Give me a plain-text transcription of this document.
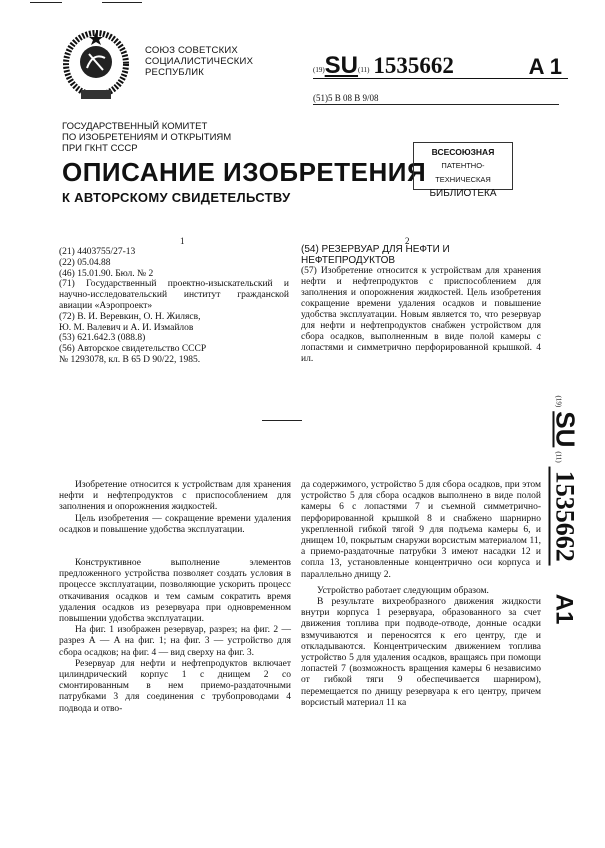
СОЮЗ СОВЕТСКИХ
СОЦИАЛИСТИЧЕСКИХ
РЕСПУБЛИК	(19)SU(11) 1535662	A 1
(51)5 B 08 B 9/08
ГОСУДАРСТВЕННЫЙ КОМИТЕТ
ПО ИЗОБРЕТЕНИЯМ И ОТКРЫТИЯМ
ПРИ ГКНТ СССР
ОПИСАНИЕ ИЗОБРЕТЕНИЯ
К АВТОРСКОМУ СВИДЕТЕЛЬСТВУ
ВСЕСОЮЗНАЯ
ПАТЕНТНО-ТЕХНИЧЕСКАЯ
БИБЛИОТЕКА
1	2
(21) 4403755/27-13
(22) 05.04.88
(46) 15.01.90. Бюл. № 2
(71) Государственный проектно-изыскательский и научно-исследовательский институт гражданской авиации «Аэропроект»
(72) В. И. Веревкин, О. Н. Жилясв,
Ю. М. Валевич и А. И. Измайлов
(53) 621.642.3 (088.8)
(56) Авторское свидетельство СССР
№ 1293078, кл. B 65 D 90/22, 1985.
(54) РЕЗЕРВУАР ДЛЯ НЕФТИ И НЕФТЕПРОДУКТОВ
(57) Изобретение относится к устройствам для хранения нефти и нефтепродуктов с приспособлением для заполнения и опорожнения жидкостей. Цель изобретения сокращение времени удаления осадков и повышение удобства эксплуатации. Новым является то, что резервуар для нефти и нефтепродуктов снабжен устройством для сбора осадков, выполненным в виде полой камеры с лопастями и симметрично перфорированной крышкой. 4 ил.

Изобретение относится к устройствам для хранения нефти и нефтепродуктов с приспособлением для заполнения и опорожнения жидкостей.

Цель изобретения — сокращение времени удаления осадков и повышение удобства эксплуатации.

Конструктивное выполнение элементов предложенного устройства позволяет создать условия в процессе эксплуатации, позволяющие ускорить процесс откачивания осадков и тем самым сократить время удаления осадков из резервуара при одновременном повышении удобства эксплуатации.

На фиг. 1 изображен резервуар, разрез; на фиг. 2 — разрез А — А на фиг. 1; на фиг. 3 — устройство для сбора осадков; на фиг. 4 — вид сверху на фиг. 3.

Резервуар для нефти и нефтепродуктов включает цилиндрический корпус 1 с днищем 2 со смонтированным в нем приемо-раздаточными патрубками 3 для соединения с трубопроводами 4 подвода и отво-

да содержимого, устройство 5 для сбора осадков, при этом устройство 5 для сбора осадков выполнено в виде полой камеры 6 с лопастями 7 и съемной симметрично-перфорированной крышкой 8 и снабжено шарнирно укрепленной гибкой тягой 9 для подъема камеры 6, и днищем 10, покрытым снаружи ворсистым материалом 11, а приемо-раздаточные патрубки 3 имеют насадки 12 и сопла 13, установленные концентрично оси корпуса и параллельно днищу 2.

Устройство работает следующим образом.

В результате вихреобразного движения жидкости внутри корпуса 1 резервуара, образованного за счет движения топлива при подводе-отводе, донные осадки взмучиваются и переносятся к его центру, где и откладываются. Концентрическим движением топлива устройство 5 для удаления осадков, вращаясь при помощи лопастей 7 (возможность вращения камеры 6 независимо от гибкой тяги 9 обеспечивается шарниром), перемещается по днищу резервуара к его центру, причем ворсистый материал 11 ка

(19) SU (11) 1535662 A1
